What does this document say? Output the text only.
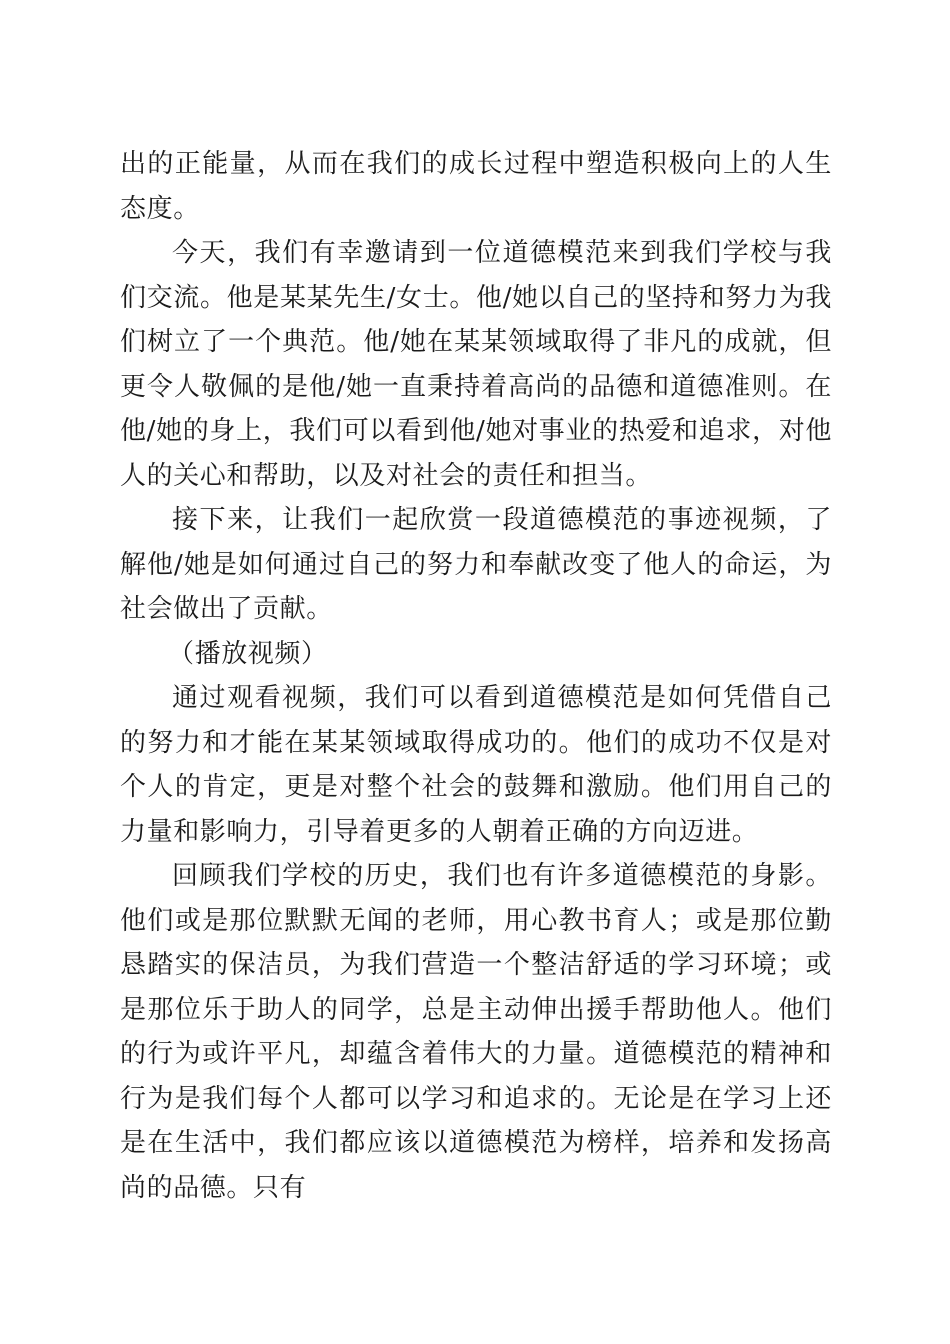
出的正能量，从而在我们的成长过程中塑造积极向上的人生态度。

今天，我们有幸邀请到一位道德模范来到我们学校与我们交流。他是某某先生/女士。他/她以自己的坚持和努力为我们树立了一个典范。他/她在某某领域取得了非凡的成就，但更令人敬佩的是他/她一直秉持着高尚的品德和道德准则。在他/她的身上，我们可以看到他/她对事业的热爱和追求，对他人的关心和帮助，以及对社会的责任和担当。

接下来，让我们一起欣赏一段道德模范的事迹视频，了解他/她是如何通过自己的努力和奉献改变了他人的命运，为社会做出了贡献。

（播放视频）

通过观看视频，我们可以看到道德模范是如何凭借自己的努力和才能在某某领域取得成功的。他们的成功不仅是对个人的肯定，更是对整个社会的鼓舞和激励。他们用自己的力量和影响力，引导着更多的人朝着正确的方向迈进。

回顾我们学校的历史，我们也有许多道德模范的身影。他们或是那位默默无闻的老师，用心教书育人；或是那位勤恳踏实的保洁员，为我们营造一个整洁舒适的学习环境；或是那位乐于助人的同学，总是主动伸出援手帮助他人。他们的行为或许平凡，却蕴含着伟大的力量。道德模范的精神和行为是我们每个人都可以学习和追求的。无论是在学习上还是在生活中，我们都应该以道德模范为榜样，培养和发扬高尚的品德。只有
